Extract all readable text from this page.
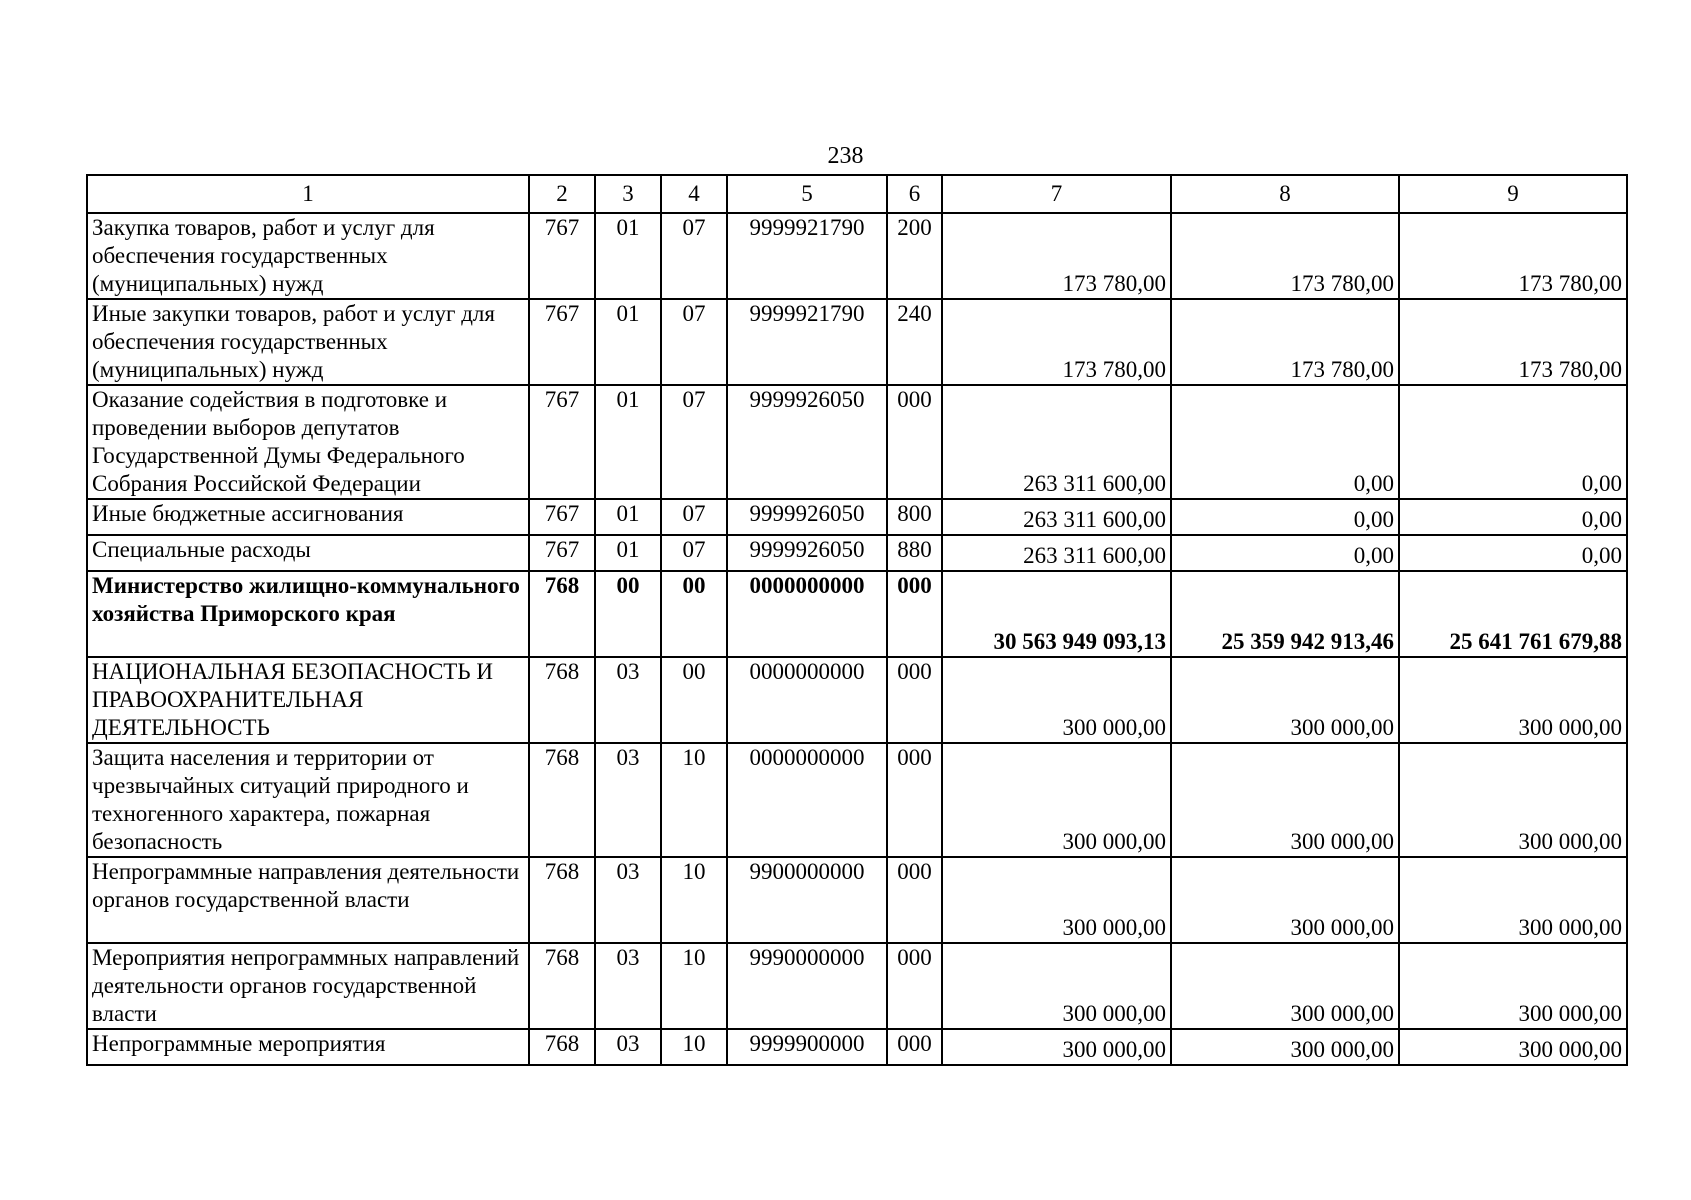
238
1	2	3	4	5	6	7	8	9
Закупка товаров, работ и услуг для обеспечения государственных (муниципальных) нужд	767	01	07	9999921790	200	173 780,00	173 780,00	173 780,00
Иные закупки товаров, работ и услуг для обеспечения государственных (муниципальных) нужд	767	01	07	9999921790	240	173 780,00	173 780,00	173 780,00
Оказание содействия в подготовке и проведении выборов депутатов Государственной Думы Федерального Собрания Российской Федерации	767	01	07	9999926050	000	263 311 600,00	0,00	0,00
Иные бюджетные ассигнования	767	01	07	9999926050	800	263 311 600,00	0,00	0,00
Специальные расходы	767	01	07	9999926050	880	263 311 600,00	0,00	0,00
Министерство жилищно-коммунального хозяйства Приморского края	768	00	00	0000000000	000	30 563 949 093,13	25 359 942 913,46	25 641 761 679,88
НАЦИОНАЛЬНАЯ БЕЗОПАСНОСТЬ И ПРАВООХРАНИТЕЛЬНАЯ ДЕЯТЕЛЬНОСТЬ	768	03	00	0000000000	000	300 000,00	300 000,00	300 000,00
Защита населения и территории от чрезвычайных ситуаций природного и техногенного характера, пожарная безопасность	768	03	10	0000000000	000	300 000,00	300 000,00	300 000,00
Непрограммные направления деятельности органов государственной власти	768	03	10	9900000000	000	300 000,00	300 000,00	300 000,00
Мероприятия непрограммных направлений деятельности органов государственной власти	768	03	10	9990000000	000	300 000,00	300 000,00	300 000,00
Непрограммные мероприятия	768	03	10	9999900000	000	300 000,00	300 000,00	300 000,00
